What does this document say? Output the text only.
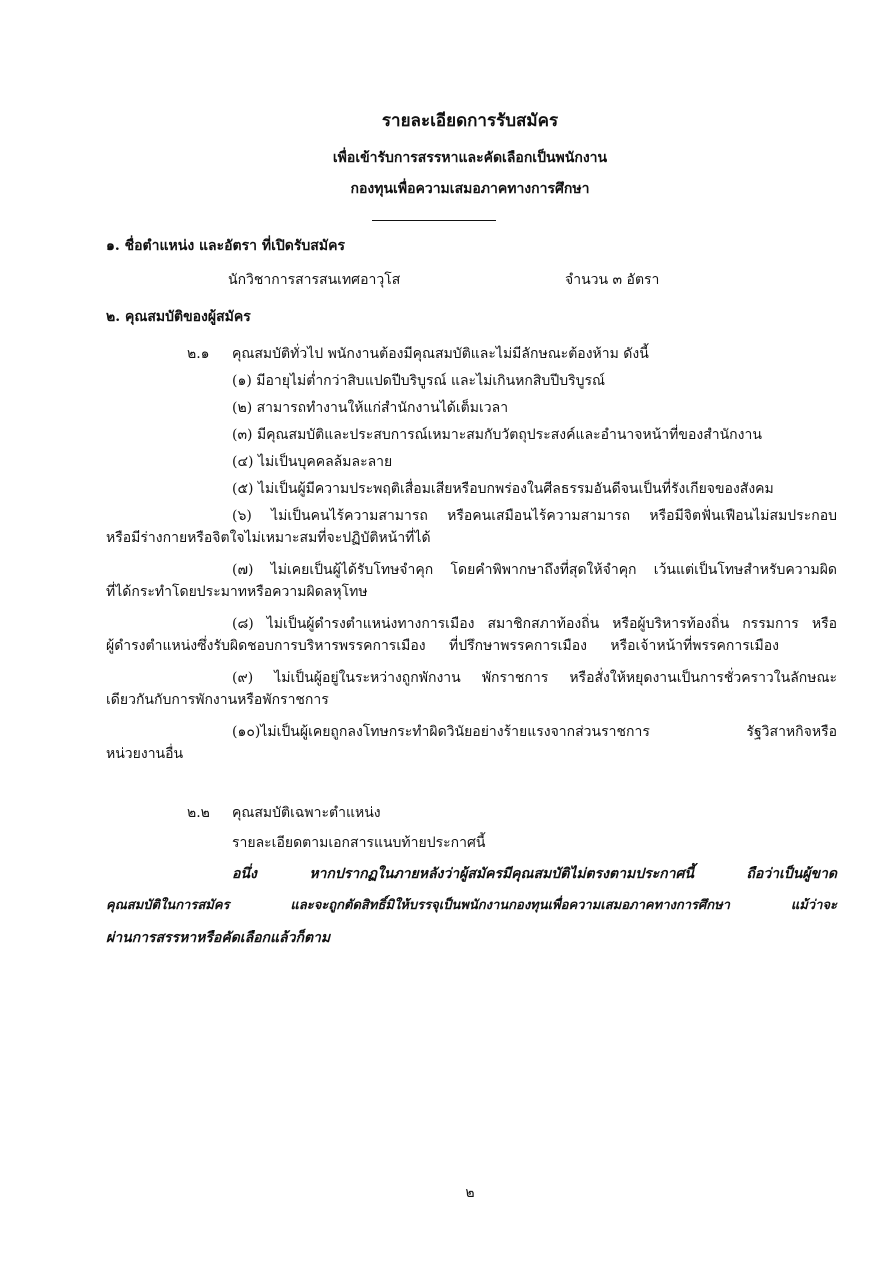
รายละเอียดการรับสมัคร
เพื่อเข้ารับการสรรหาและคัดเลือกเป็นพนักงาน
กองทุนเพื่อความเสมอภาคทางการศึกษา
๑. ชื่อตำแหน่ง และอัตรา ที่เปิดรับสมัคร
นักวิชาการสารสนเทศอาวุโส	จำนวน ๓ อัตรา
๒. คุณสมบัติของผู้สมัคร
๒.๑ คุณสมบัติทั่วไป พนักงานต้องมีคุณสมบัติและไม่มีลักษณะต้องห้าม ดังนี้
(๑) มีอายุไม่ต่ำกว่าสิบแปดปีบริบูรณ์ และไม่เกินหกสิบปีบริบูรณ์
(๒) สามารถทำงานให้แก่สำนักงานได้เต็มเวลา
(๓) มีคุณสมบัติและประสบการณ์เหมาะสมกับวัตถุประสงค์และอำนาจหน้าที่ของสำนักงาน
(๔) ไม่เป็นบุคคลล้มละลาย
(๕) ไม่เป็นผู้มีความประพฤติเสื่อมเสียหรือบกพร่องในศีลธรรมอันดีจนเป็นที่รังเกียจของสังคม
(๖) ไม่เป็นคนไร้ความสามารถ หรือคนเสมือนไร้ความสามารถ หรือมีจิตฟั่นเฟือนไม่สมประกอบ
หรือมีร่างกายหรือจิตใจไม่เหมาะสมที่จะปฏิบัติหน้าที่ได้
(๗) ไม่เคยเป็นผู้ได้รับโทษจำคุก โดยคำพิพากษาถึงที่สุดให้จำคุก เว้นแต่เป็นโทษสำหรับความผิด
ที่ได้กระทำโดยประมาทหรือความผิดลหุโทษ
(๘) ไม่เป็นผู้ดำรงตำแหน่งทางการเมือง สมาชิกสภาท้องถิ่น หรือผู้บริหารท้องถิ่น กรรมการ หรือ
ผู้ดำรงตำแหน่งซึ่งรับผิดชอบการบริหารพรรคการเมือง ที่ปรึกษาพรรคการเมือง หรือเจ้าหน้าที่พรรคการเมือง
(๙) ไม่เป็นผู้อยู่ในระหว่างถูกพักงาน พักราชการ หรือสั่งให้หยุดงานเป็นการชั่วคราวในลักษณะ
เดียวกันกับการพักงานหรือพักราชการ
(๑๐)ไม่เป็นผู้เคยถูกลงโทษกระทำผิดวินัยอย่างร้ายแรงจากส่วนราชการ รัฐวิสาหกิจหรือ
หน่วยงานอื่น
๒.๒ คุณสมบัติเฉพาะตำแหน่ง
รายละเอียดตามเอกสารแนบท้ายประกาศนี้
อนึ่ง หากปรากฏในภายหลังว่าผู้สมัครมีคุณสมบัติไม่ตรงตามประกาศนี้ ถือว่าเป็นผู้ขาด
คุณสมบัติในการสมัคร และจะถูกตัดสิทธิ์มิให้บรรจุเป็นพนักงานกองทุนเพื่อความเสมอภาคทางการศึกษา แม้ว่าจะ
ผ่านการสรรหาหรือคัดเลือกแล้วก็ตาม
๒
